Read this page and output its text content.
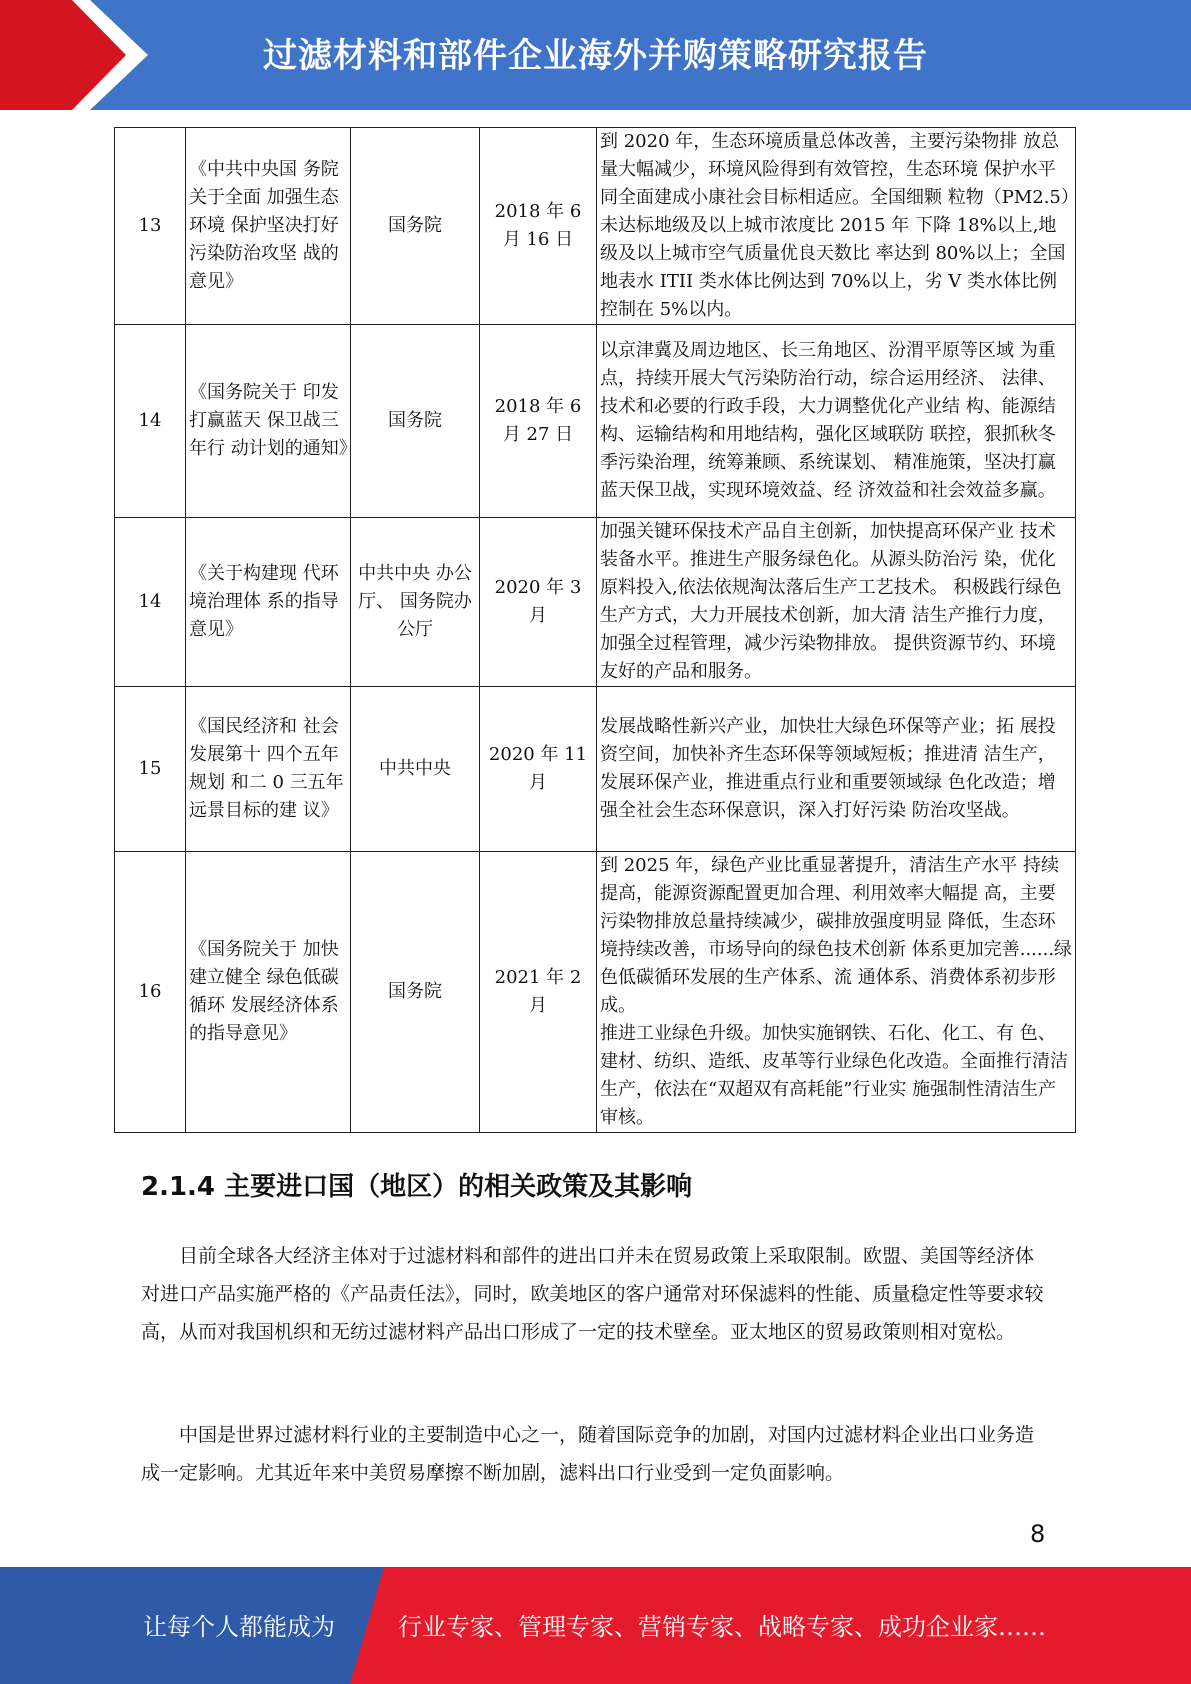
过滤材料和部件企业海外并购策略研究报告
13	《中共中央国 务院关于全面 加强生态环境 保护坚决打好 污染防治攻坚 战的意见》	国务院	2018 年 6 月 16 日	到 2020 年，生态环境质量总体改善，主要污染物排 放总量大幅减少，环境风险得到有效管控，生态环境 保护水平同全面建成小康社会目标相适应。全国细颗 粒物（PM2.5）未达标地级及以上城市浓度比 2015 年 下降 18%以上,地级及以上城市空气质量优良天数比 率达到 80%以上；全国地表水 ITII 类水体比例达到 70%以上，劣 V 类水体比例控制在 5%以内。
14	《国务院关于 印发打赢蓝天 保卫战三年行 动计划的通知》	国务院	2018 年 6 月 27 日	以京津冀及周边地区、长三角地区、汾渭平原等区域 为重点，持续开展大气污染防治行动，综合运用经济、 法律、技术和必要的行政手段，大力调整优化产业结 构、能源结构、运输结构和用地结构，强化区域联防 联控，狠抓秋冬季污染治理，统筹兼顾、系统谋划、 精准施策，坚决打赢蓝天保卫战，实现环境效益、经 济效益和社会效益多赢。
14	《关于构建现 代环境治理体 系的指导意见》	中共中央 办公厅、 国务院办 公厅	2020 年 3 月	加强关键环保技术产品自主创新，加快提高环保产业 技术装备水平。推进生产服务绿色化。从源头防治污 染，优化原料投入,依法依规淘汰落后生产工艺技术。 积极践行绿色生产方式，大力开展技术创新，加大清 洁生产推行力度，加强全过程管理，减少污染物排放。 提供资源节约、环境友好的产品和服务。
15	《国民经济和 社会发展第十 四个五年规划 和二 0 三五年 远景目标的建 议》	中共中央	2020 年 11 月	发展战略性新兴产业，加快壮大绿色环保等产业；拓 展投资空间，加快补齐生态环保等领域短板；推进清 洁生产，发展环保产业，推进重点行业和重要领域绿 色化改造；增强全社会生态环保意识，深入打好污染 防治攻坚战。
16	《国务院关于 加快建立健全 绿色低碳循环 发展经济体系 的指导意见》	国务院	2021 年 2 月	到 2025 年，绿色产业比重显著提升，清洁生产水平 持续提高，能源资源配置更加合理、利用效率大幅提 高，主要污染物排放总量持续减少，碳排放强度明显 降低，生态环境持续改善，市场导向的绿色技术创新 体系更加完善......绿色低碳循环发展的生产体系、流 通体系、消费体系初步形成。
推进工业绿色升级。加快实施钢铁、石化、化工、有 色、建材、纺织、造纸、皮革等行业绿色化改造。全面推行清洁生产，依法在“双超双有高耗能”行业实 施强制性清洁生产审核。
2.1.4 主要进口国（地区）的相关政策及其影响

目前全球各大经济主体对于过滤材料和部件的进出口并未在贸易政策上采取限制。欧盟、美国等经济体对进口产品实施严格的《产品责任法》，同时，欧美地区的客户通常对环保滤料的性能、质量稳定性等要求较高，从而对我国机织和无纺过滤材料产品出口形成了一定的技术壁垒。亚太地区的贸易政策则相对宽松。

中国是世界过滤材料行业的主要制造中心之一，随着国际竞争的加剧，对国内过滤材料企业出口业务造成一定影响。尤其近年来中美贸易摩擦不断加剧，滤料出口行业受到一定负面影响。

8
让每个人都能成为	行业专家、管理专家、营销专家、战略专家、成功企业家……
